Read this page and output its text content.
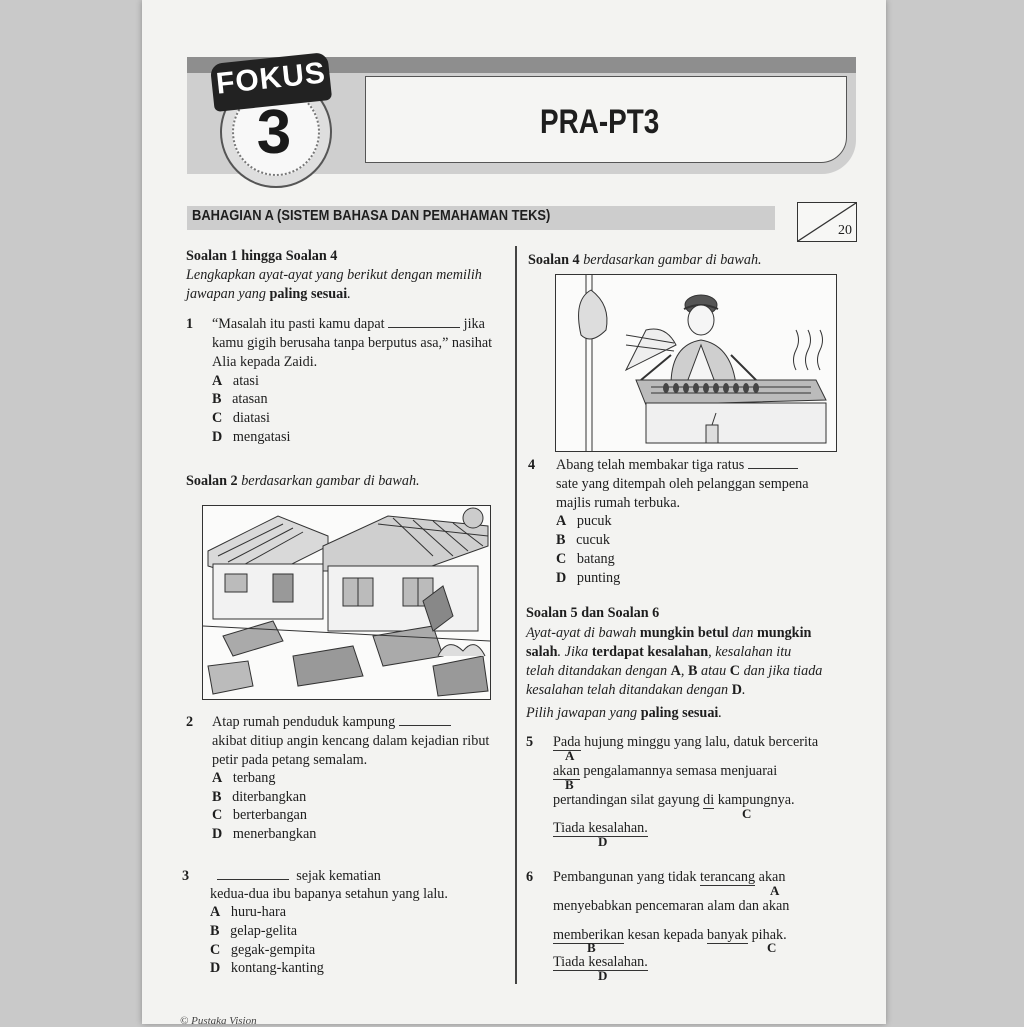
FOKUS
3	PRA-PT3
BAHAGIAN A (SISTEM BAHASA DAN PEMAHAMAN TEKS)
20
Soalan 1 hingga Soalan 4
Lengkapkan ayat-ayat yang berikut dengan memilih
jawapan yang paling sesuai.
1 “Masalah itu pasti kamu dapat	jika
kamu gigih berusaha tanpa berputus asa,” nasihat
Alia kepada Zaidi.
A atasi
B atasan
C diatasi
D mengatasi
Soalan 2 berdasarkan gambar di bawah.
2 Atap rumah penduduk kampung
akibat ditiup angin kencang dalam kejadian ribut
petir pada petang semalam.
A terbang
B diterbangkan
C berterbangan
D menerbangkan
3	sejak kematian
kedua-dua ibu bapanya setahun yang lalu.
A huru-hara
B gelap-gelita
C gegak-gempita
D kontang-kanting
Soalan 4 berdasarkan gambar di bawah.
4 Abang telah membakar tiga ratus
sate yang ditempah oleh pelanggan sempena
majlis rumah terbuka.
A pucuk
B cucuk
C batang
D punting
Soalan 5 dan Soalan 6
Ayat-ayat di bawah mungkin betul dan mungkin
salah. Jika terdapat kesalahan, kesalahan itu
telah ditandakan dengan A, B atau C dan jika tiada
kesalahan telah ditandakan dengan D.
Pilih jawapan yang paling sesuai.
5 Pada hujung minggu yang lalu, datuk bercerita
A
akan pengalamannya semasa menjuarai
B
pertandingan silat gayung di kampungnya.
C
Tiada kesalahan.
D
6 Pembangunan yang tidak terancang akan
A
menyebabkan pencemaran alam dan akan
memberikan kesan kepada banyak pihak.
B	C
Tiada kesalahan.
D
© Pustaka Vision
